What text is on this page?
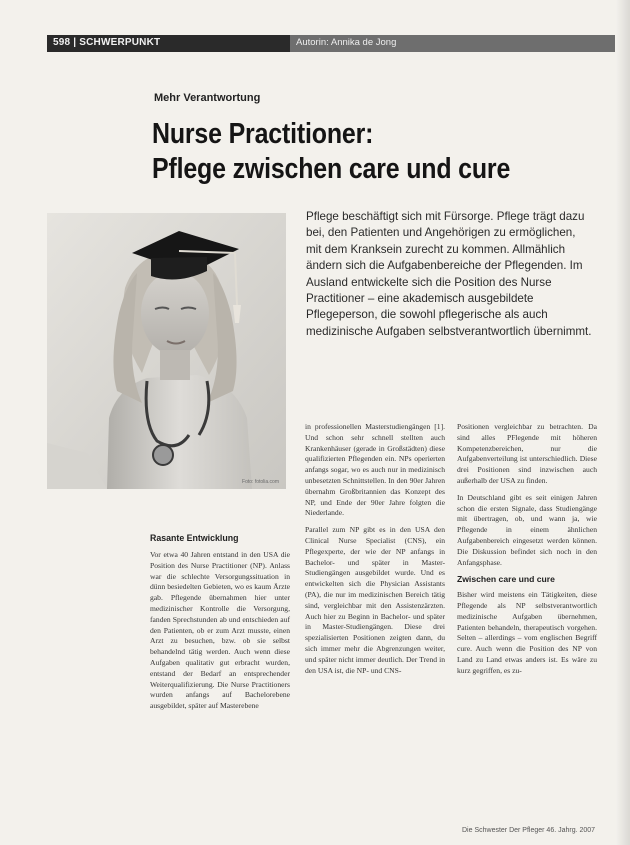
598 | SCHWERPUNKT	Autorin: Annika de Jong
Mehr Verantwortung
Nurse Practitioner:
Pflege zwischen care und cure
Foto: fotolia.com
Pflege beschäftigt sich mit Fürsorge. Pflege trägt dazu bei, den Patienten und Angehörigen zu ermöglichen, mit dem Kranksein zurecht zu kommen. Allmählich ändern sich die Aufgabenbereiche der Pflegenden. Im Ausland entwickelte sich die Position des Nurse Practitioner – eine akademisch ausgebildete Pflegeperson, die sowohl pflegerische als auch medizinische Aufgaben selbstverantwortlich übernimmt.
Rasante Entwicklung

Vor etwa 40 Jahren entstand in den USA die Position des Nurse Practitioner (NP). Anlass war die schlechte Versorgungssituation in dünn besiedelten Gebieten, wo es kaum Ärzte gab. Pflegende übernahmen hier unter medizinischer Kontrolle die Versorgung, fanden Sprechstunden ab und entschieden auf den Patienten, ob er zum Arzt musste, einen Arzt zu besuchen, bzw. ob sie selbst behandelnd tätig werden. Auch wenn diese Aufgaben qualitativ gut erbracht wurden, entstand der Bedarf an entsprechender Weiterqualifizierung. Die Nurse Practitioners wurden anfangs auf Bachelorebene ausgebildet, später auf Masterebene

in professionellen Masterstudiengängen [1]. Und schon sehr schnell stellten auch Krankenhäuser (gerade in Großstädten) diese qualifizierten Pflegenden ein. NPs operierten anfangs sogar, wo es auch nur in medizinisch unbesetzten Schnittstellen. In den 90er Jahren übernahm Großbritannien das Konzept des NP, und Ende der 90er Jahre folgten die Niederlande.

Parallel zum NP gibt es in den USA den Clinical Nurse Specialist (CNS), ein Pflegexperte, der wie der NP anfangs in Bachelor- und später in Master-Studiengängen ausgebildet wurde. Und es entwickelten sich die Physician Assistants (PA), die nur im medizinischen Bereich tätig sind, vergleichbar mit den Assistenzärzten. Auch hier zu Beginn in Bachelor- und später in Master-Studiengängen. Diese drei spezialisierten Positionen zeigten dann, du sich immer mehr die Abgrenzungen weiter, und später nicht immer deutlich. Der Trend in den USA ist, die NP- und CNS-

Positionen vergleichbar zu betrachten. Da sind alles PFlegende mit höheren Kompetenzbereichen, nur die Aufgabenverteilung ist unterschiedlich. Diese drei Positionen sind inzwischen auch außerhalb der USA zu finden.

In Deutschland gibt es seit einigen Jahren schon die ersten Signale, dass Studiengänge mit übertragen, ob, und wann ja, wie Pflegende in einem ähnlichen Aufgabenbereich eingesetzt werden können. Die Diskussion befindet sich noch in den Anfangsphase.

Zwischen care und cure

Bisher wird meistens ein Tätigkeiten, diese Pflegende als NP selbstverantwortlich medizinische Aufgaben übernehmen, Patienten behandeln, therapeutisch vorgehen. Selten – allerdings – vom englischen Begriff cure. Auch wenn die Position des NP von Land zu Land etwas anders ist. Es wäre zu kurz gegriffen, es zu-

Die Schwester Der Pfleger 46. Jahrg. 2007
